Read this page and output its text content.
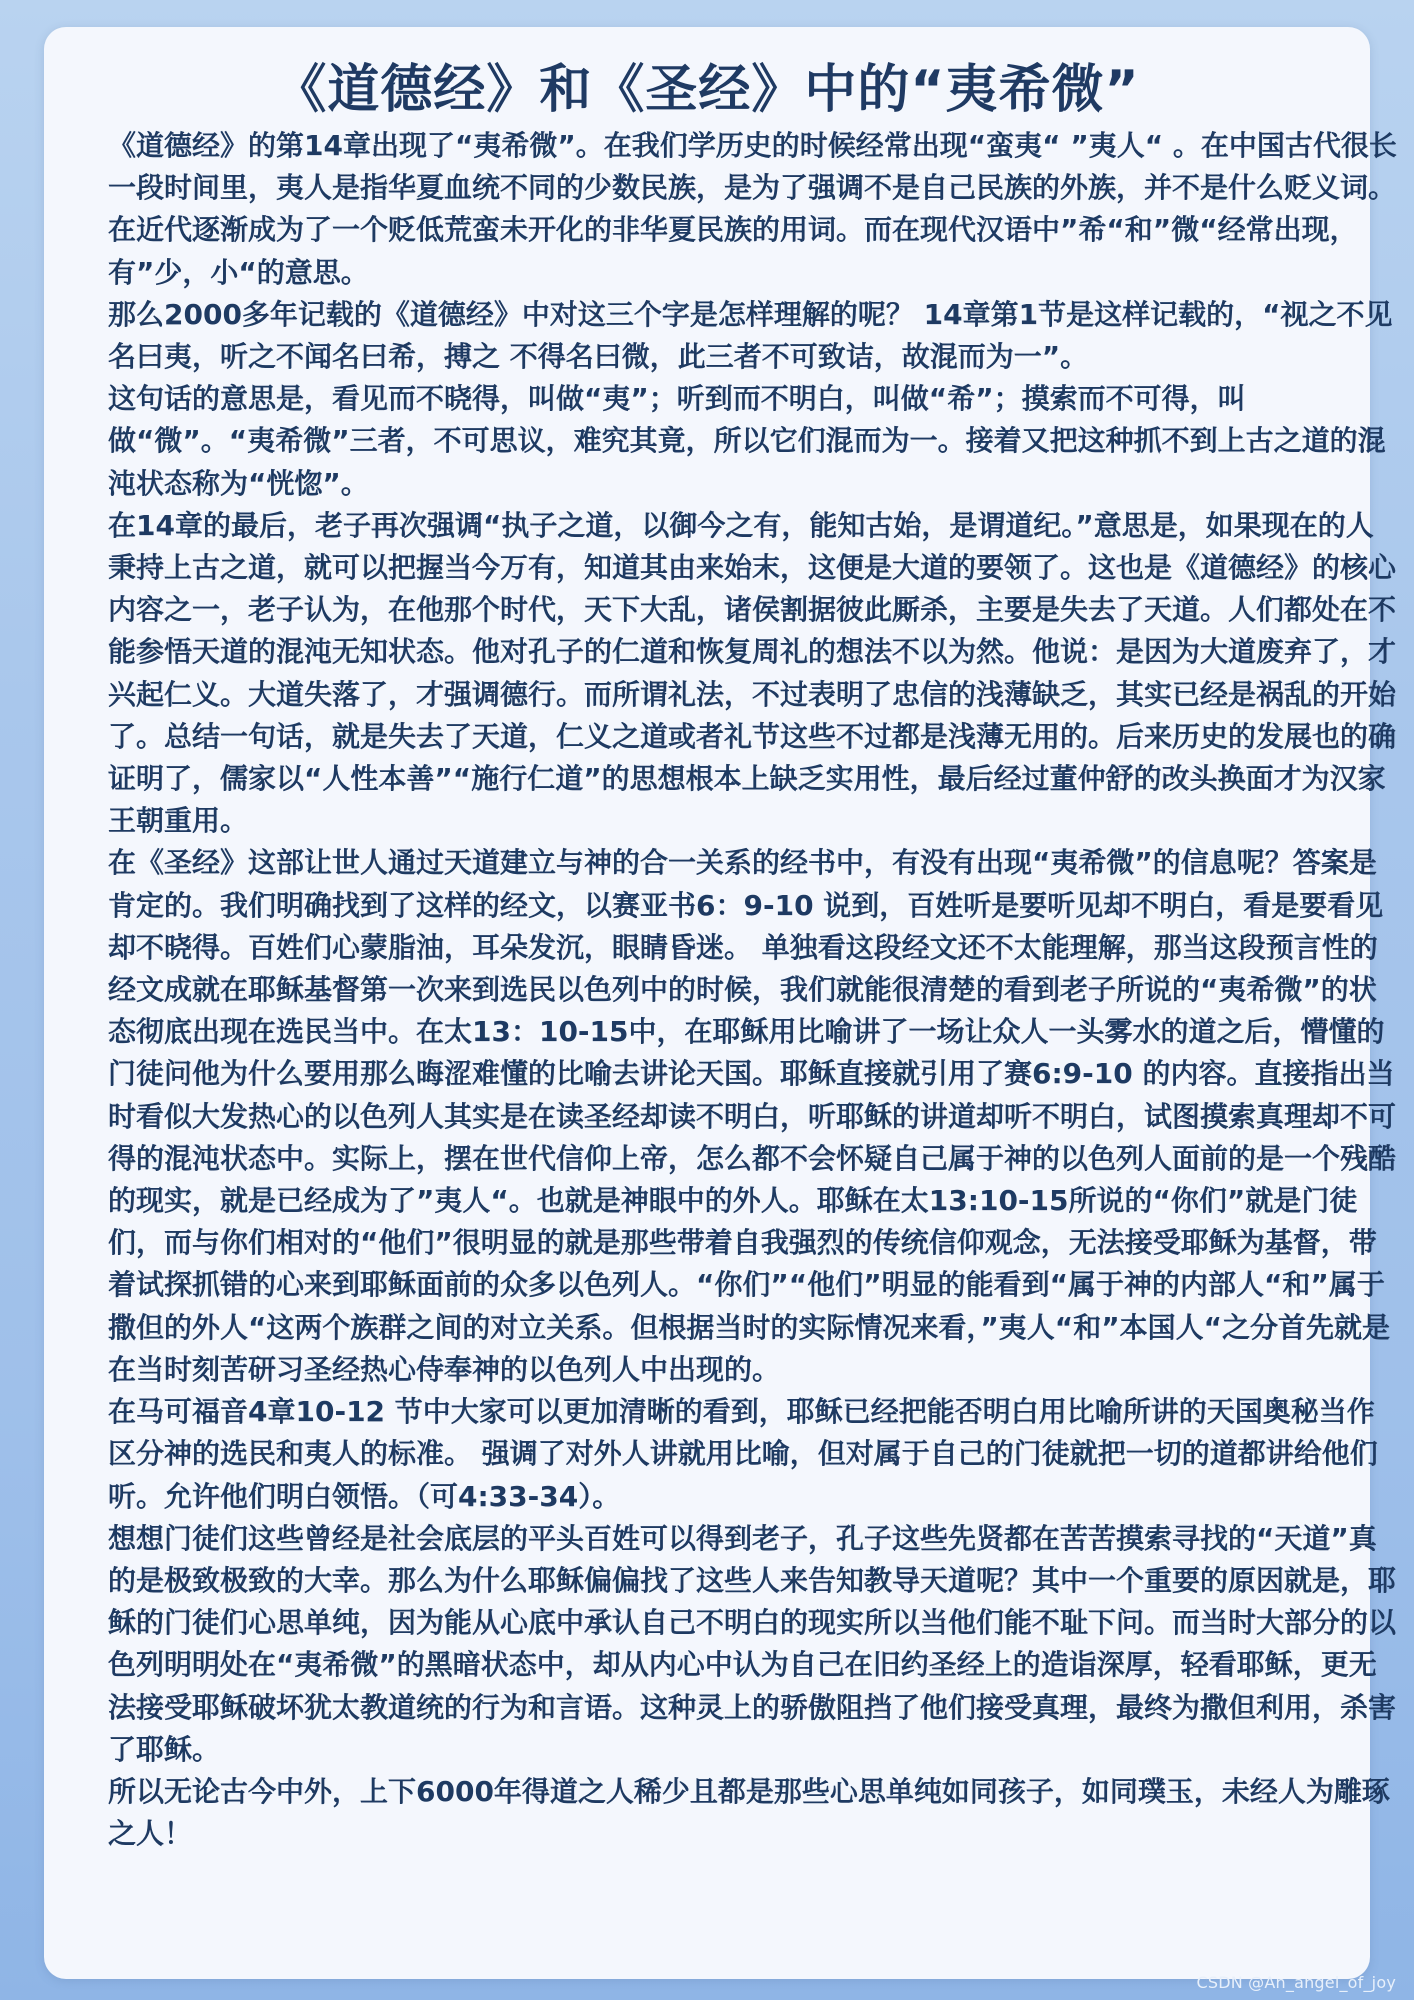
《道德经》和《圣经》中的“夷希微”

《道德经》的第14章出现了“夷希微”。在我们学历史的时候经常出现“蛮夷“ ”夷人“ 。在中国古代很长一段时间里，夷人是指华夏血统不同的少数民族，是为了强调不是自己民族的外族，并不是什么贬义词。在近代逐渐成为了一个贬低荒蛮未开化的非华夏民族的用词。而在现代汉语中”希“和”微“经常出现，有”少，小“的意思。

那么2000多年记载的《道德经》中对这三个字是怎样理解的呢？ 14章第1节是这样记载的，“视之不见名曰夷，听之不闻名曰希，搏之 不得名曰微，此三者不可致诘，故混而为一”。

这句话的意思是，看见而不晓得，叫做“夷”；听到而不明白，叫做“希”；摸索而不可得，叫做“微”。“夷希微”三者，不可思议，难究其竟，所以它们混而为一。接着又把这种抓不到上古之道的混沌状态称为“恍惚”。

在14章的最后，老子再次强调“执子之道，以御今之有，能知古始，是谓道纪。”意思是，如果现在的人秉持上古之道，就可以把握当今万有，知道其由来始末，这便是大道的要领了。这也是《道德经》的核心内容之一，老子认为，在他那个时代，天下大乱，诸侯割据彼此厮杀，主要是失去了天道。人们都处在不能参悟天道的混沌无知状态。他对孔子的仁道和恢复周礼的想法不以为然。他说：是因为大道废弃了，才兴起仁义。大道失落了，才强调德行。而所谓礼法，不过表明了忠信的浅薄缺乏，其实已经是祸乱的开始了。总结一句话，就是失去了天道，仁义之道或者礼节这些不过都是浅薄无用的。后来历史的发展也的确证明了，儒家以“人性本善”“施行仁道”的思想根本上缺乏实用性，最后经过董仲舒的改头换面才为汉家王朝重用。

在《圣经》这部让世人通过天道建立与神的合一关系的经书中，有没有出现“夷希微”的信息呢？答案是肯定的。我们明确找到了这样的经文，以赛亚书6：9-10 说到，百姓听是要听见却不明白，看是要看见却不晓得。百姓们心蒙脂油，耳朵发沉，眼睛昏迷。 单独看这段经文还不太能理解，那当这段预言性的经文成就在耶稣基督第一次来到选民以色列中的时候，我们就能很清楚的看到老子所说的“夷希微”的状态彻底出现在选民当中。在太13：10-15中，在耶稣用比喻讲了一场让众人一头雾水的道之后，懵懂的门徒问他为什么要用那么晦涩难懂的比喻去讲论天国。耶稣直接就引用了赛6:9-10 的内容。直接指出当时看似大发热心的以色列人其实是在读圣经却读不明白，听耶稣的讲道却听不明白，试图摸索真理却不可得的混沌状态中。实际上，摆在世代信仰上帝，怎么都不会怀疑自己属于神的以色列人面前的是一个残酷的现实，就是已经成为了”夷人“。也就是神眼中的外人。耶稣在太13:10-15所说的“你们”就是门徒们，而与你们相对的“他们”很明显的就是那些带着自我强烈的传统信仰观念，无法接受耶稣为基督，带着试探抓错的心来到耶稣面前的众多以色列人。“你们”“他们”明显的能看到“属于神的内部人“和”属于撒但的外人“这两个族群之间的对立关系。但根据当时的实际情况来看，”夷人“和”本国人“之分首先就是在当时刻苦研习圣经热心侍奉神的以色列人中出现的。

在马可福音4章10-12 节中大家可以更加清晰的看到，耶稣已经把能否明白用比喻所讲的天国奥秘当作区分神的选民和夷人的标准。 强调了对外人讲就用比喻，但对属于自己的门徒就把一切的道都讲给他们听。允许他们明白领悟。（可4:33-34）。

想想门徒们这些曾经是社会底层的平头百姓可以得到老子，孔子这些先贤都在苦苦摸索寻找的“天道”真的是极致极致的大幸。那么为什么耶稣偏偏找了这些人来告知教导天道呢？其中一个重要的原因就是，耶稣的门徒们心思单纯，因为能从心底中承认自己不明白的现实所以当他们能不耻下问。而当时大部分的以色列明明处在“夷希微”的黑暗状态中，却从内心中认为自己在旧约圣经上的造诣深厚，轻看耶稣，更无法接受耶稣破坏犹太教道统的行为和言语。这种灵上的骄傲阻挡了他们接受真理，最终为撒但利用，杀害了耶稣。

所以无论古今中外，上下6000年得道之人稀少且都是那些心思单纯如同孩子，如同璞玉，未经人为雕琢之人！

CSDN @An_angel_of_joy
